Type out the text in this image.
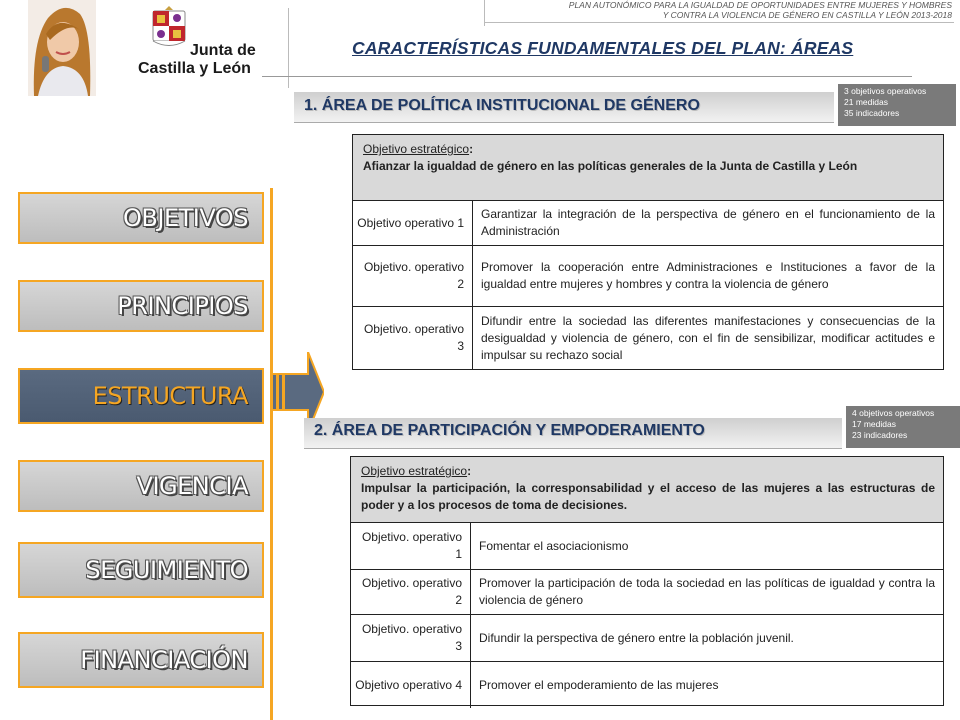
Junta de
Castilla y León
PLAN AUTONÓMICO PARA LA IGUALDAD DE OPORTUNIDADES ENTRE MUJERES Y HOMBRES
Y CONTRA LA VIOLENCIA DE GÉNERO EN CASTILLA Y LEÓN 2013-2018
CARACTERÍSTICAS FUNDAMENTALES DEL PLAN: ÁREAS
OBJETIVOS
PRINCIPIOS
ESTRUCTURA
VIGENCIA
SEGUIMIENTO
FINANCIACIÓN
1. ÁREA DE POLÍTICA INSTITUCIONAL DE GÉNERO
3 objetivos operativos
21 medidas
35 indicadores
Objetivo estratégico:
Afianzar la igualdad de género en las políticas generales de la Junta de Castilla y León
Objetivo operativo 1
Garantizar la integración de la perspectiva de género en el funcionamiento de la Administración
Objetivo. operativo 2
Promover la cooperación entre Administraciones e Instituciones a favor de la igualdad entre mujeres y hombres y contra la violencia de género
Objetivo. operativo 3
Difundir entre la sociedad las diferentes manifestaciones y consecuencias de la desigualdad y violencia de género, con el fin de sensibilizar, modificar actitudes e impulsar su rechazo social
2. ÁREA DE PARTICIPACIÓN Y EMPODERAMIENTO
4 objetivos operativos
17 medidas
23 indicadores
Objetivo estratégico:
Impulsar la participación, la corresponsabilidad y el acceso de las mujeres a las estructuras de poder y a los procesos de toma de decisiones.
Objetivo. operativo 1
Fomentar el asociacionismo
Objetivo. operativo 2
Promover la participación de toda la sociedad en las políticas de igualdad y contra la violencia de género
Objetivo. operativo 3
Difundir la perspectiva de género entre la población juvenil.
Objetivo operativo 4	Promover el empoderamiento de las mujeres
